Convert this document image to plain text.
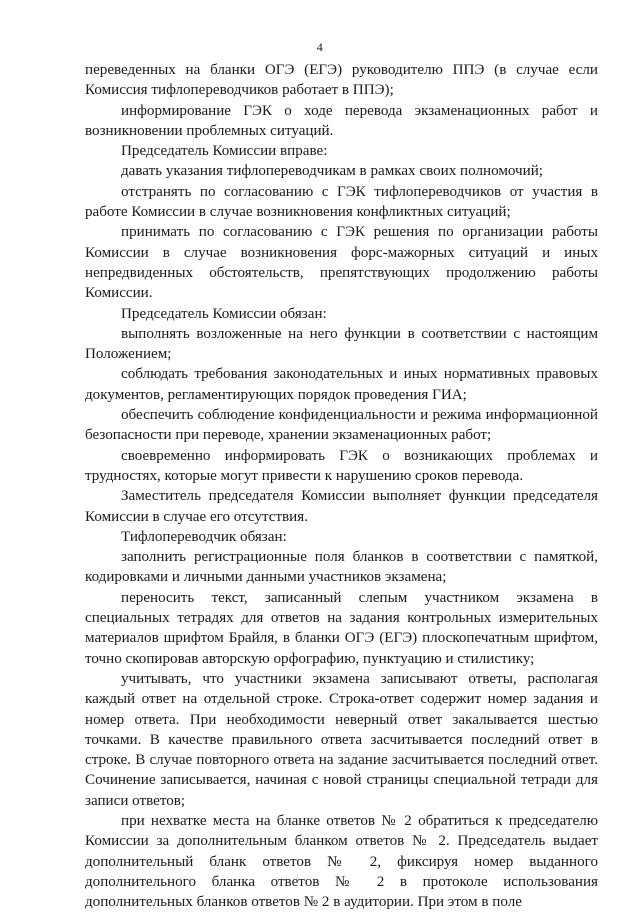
4

переведенных на бланки ОГЭ (ЕГЭ) руководителю ППЭ (в случае если Комиссия тифлопереводчиков работает в ППЭ);

информирование ГЭК о ходе перевода экзаменационных работ и возникновении проблемных ситуаций.

Председатель Комиссии вправе:

давать указания тифлопереводчикам в рамках своих полномочий;

отстранять по согласованию с ГЭК тифлопереводчиков от участия в работе Комиссии в случае возникновения конфликтных ситуаций;

принимать по согласованию с ГЭК решения по организации работы Комиссии в случае возникновения форс-мажорных ситуаций и иных непредвиденных обстоятельств, препятствующих продолжению работы Комиссии.

Председатель Комиссии обязан:

выполнять возложенные на него функции в соответствии с настоящим Положением;

соблюдать требования законодательных и иных нормативных правовых документов, регламентирующих порядок проведения ГИА;

обеспечить соблюдение конфиденциальности и режима информационной безопасности при переводе, хранении экзаменационных работ;

своевременно информировать ГЭК о возникающих проблемах и трудностях, которые могут привести к нарушению сроков перевода.

Заместитель председателя Комиссии выполняет функции председателя Комиссии в случае его отсутствия.

Тифлопереводчик обязан:

заполнить регистрационные поля бланков в соответствии с памяткой, кодировками и личными данными участников экзамена;

переносить текст, записанный слепым участником экзамена в специальных тетрадях для ответов на задания контрольных измерительных материалов шрифтом Брайля, в бланки ОГЭ (ЕГЭ) плоскопечатным шрифтом, точно скопировав авторскую орфографию, пунктуацию и стилистику;

учитывать, что участники экзамена записывают ответы, располагая каждый ответ на отдельной строке. Строка-ответ содержит номер задания и номер ответа. При необходимости неверный ответ закалывается шестью точками. В качестве правильного ответа засчитывается последний ответ в строке. В случае повторного ответа на задание засчитывается последний ответ. Сочинение записывается, начиная с новой страницы специальной тетради для записи ответов;

при нехватке места на бланке ответов № 2 обратиться к председателю Комиссии за дополнительным бланком ответов № 2. Председатель выдает дополнительный бланк ответов № 2, фиксируя номер выданного дополнительного бланка ответов № 2 в протоколе использования дополнительных бланков ответов № 2 в аудитории. При этом в поле
